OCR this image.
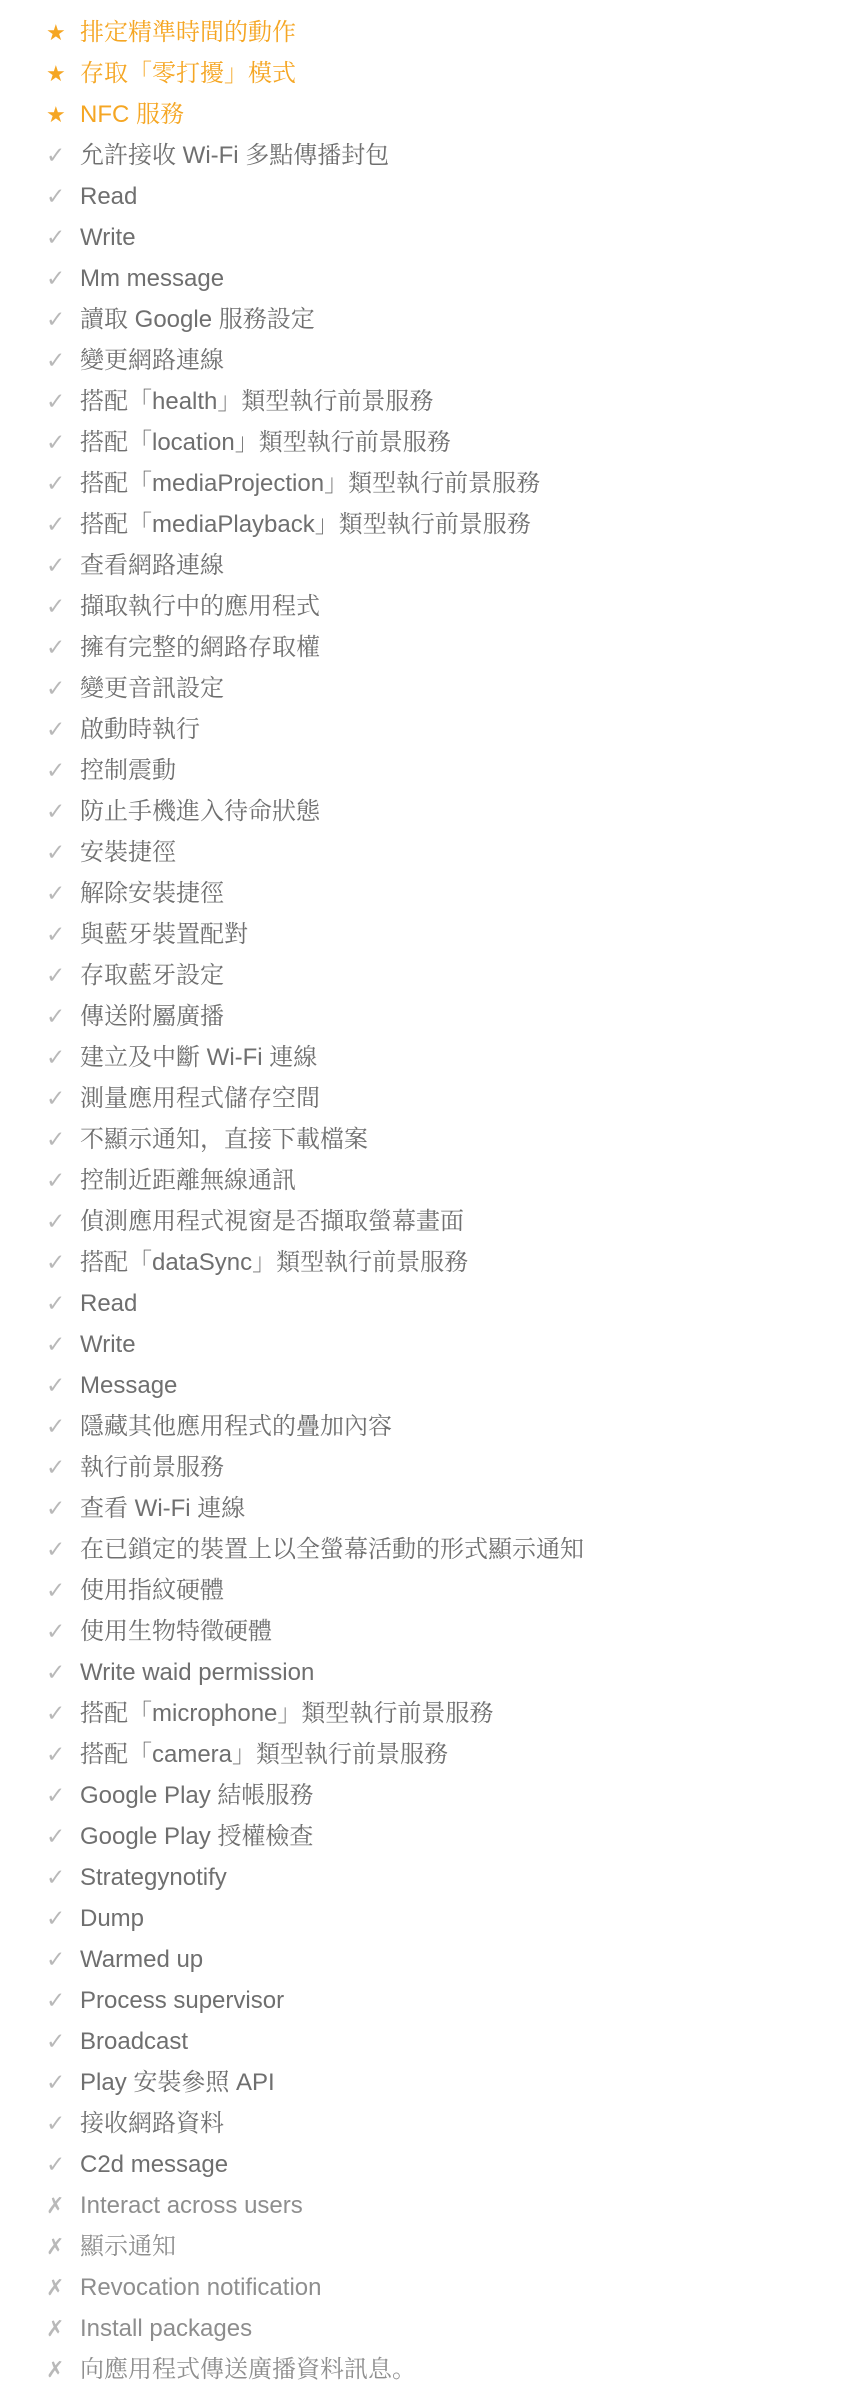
★ 排定精準時間的動作
★ 存取「零打擾」模式
★ NFC 服務
✓ 允許接收 Wi-Fi 多點傳播封包
✓ Read
✓ Write
✓ Mm message
✓ 讀取 Google 服務設定
✓ 變更網路連線
✓ 搭配「health」類型執行前景服務
✓ 搭配「location」類型執行前景服務
✓ 搭配「mediaProjection」類型執行前景服務
✓ 搭配「mediaPlayback」類型執行前景服務
✓ 查看網路連線
✓ 擷取執行中的應用程式
✓ 擁有完整的網路存取權
✓ 變更音訊設定
✓ 啟動時執行
✓ 控制震動
✓ 防止手機進入待命狀態
✓ 安裝捷徑
✓ 解除安裝捷徑
✓ 與藍牙裝置配對
✓ 存取藍牙設定
✓ 傳送附屬廣播
✓ 建立及中斷 Wi-Fi 連線
✓ 測量應用程式儲存空間
✓ 不顯示通知，直接下載檔案
✓ 控制近距離無線通訊
✓ 偵測應用程式視窗是否擷取螢幕畫面
✓ 搭配「dataSync」類型執行前景服務
✓ Read
✓ Write
✓ Message
✓ 隱藏其他應用程式的疊加內容
✓ 執行前景服務
✓ 查看 Wi-Fi 連線
✓ 在已鎖定的裝置上以全螢幕活動的形式顯示通知
✓ 使用指紋硬體
✓ 使用生物特徵硬體
✓ Write waid permission
✓ 搭配「microphone」類型執行前景服務
✓ 搭配「camera」類型執行前景服務
✓ Google Play 結帳服務
✓ Google Play 授權檢查
✓ Strategynotify
✓ Dump
✓ Warmed up
✓ Process supervisor
✓ Broadcast
✓ Play 安裝參照 API
✓ 接收網路資料
✓ C2d message
✗ Interact across users
✗ 顯示通知
✗ Revocation notification
✗ Install packages
✗ 向應用程式傳送廣播資料訊息。
